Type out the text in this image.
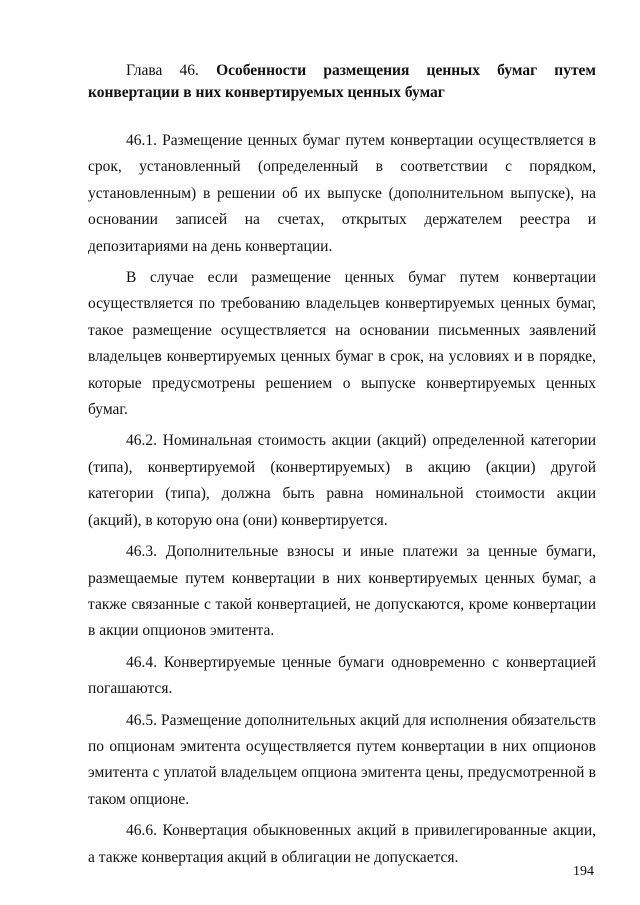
Глава 46. Особенности размещения ценных бумаг путем конвертации в них конвертируемых ценных бумаг

46.1. Размещение ценных бумаг путем конвертации осуществляется в срок, установленный (определенный в соответствии с порядком, установленным) в решении об их выпуске (дополнительном выпуске), на основании записей на счетах, открытых держателем реестра и депозитариями на день конвертации.

В случае если размещение ценных бумаг путем конвертации осуществляется по требованию владельцев конвертируемых ценных бумаг, такое размещение осуществляется на основании письменных заявлений владельцев конвертируемых ценных бумаг в срок, на условиях и в порядке, которые предусмотрены решением о выпуске конвертируемых ценных бумаг.

46.2. Номинальная стоимость акции (акций) определенной категории (типа), конвертируемой (конвертируемых) в акцию (акции) другой категории (типа), должна быть равна номинальной стоимости акции (акций), в которую она (они) конвертируется.

46.3. Дополнительные взносы и иные платежи за ценные бумаги, размещаемые путем конвертации в них конвертируемых ценных бумаг, а также связанные с такой конвертацией, не допускаются, кроме конвертации в акции опционов эмитента.

46.4. Конвертируемые ценные бумаги одновременно с конвертацией погашаются.

46.5. Размещение дополнительных акций для исполнения обязательств по опционам эмитента осуществляется путем конвертации в них опционов эмитента с уплатой владельцем опциона эмитента цены, предусмотренной в таком опционе.

46.6. Конвертация обыкновенных акций в привилегированные акции, а также конвертация акций в облигации не допускается.

194
